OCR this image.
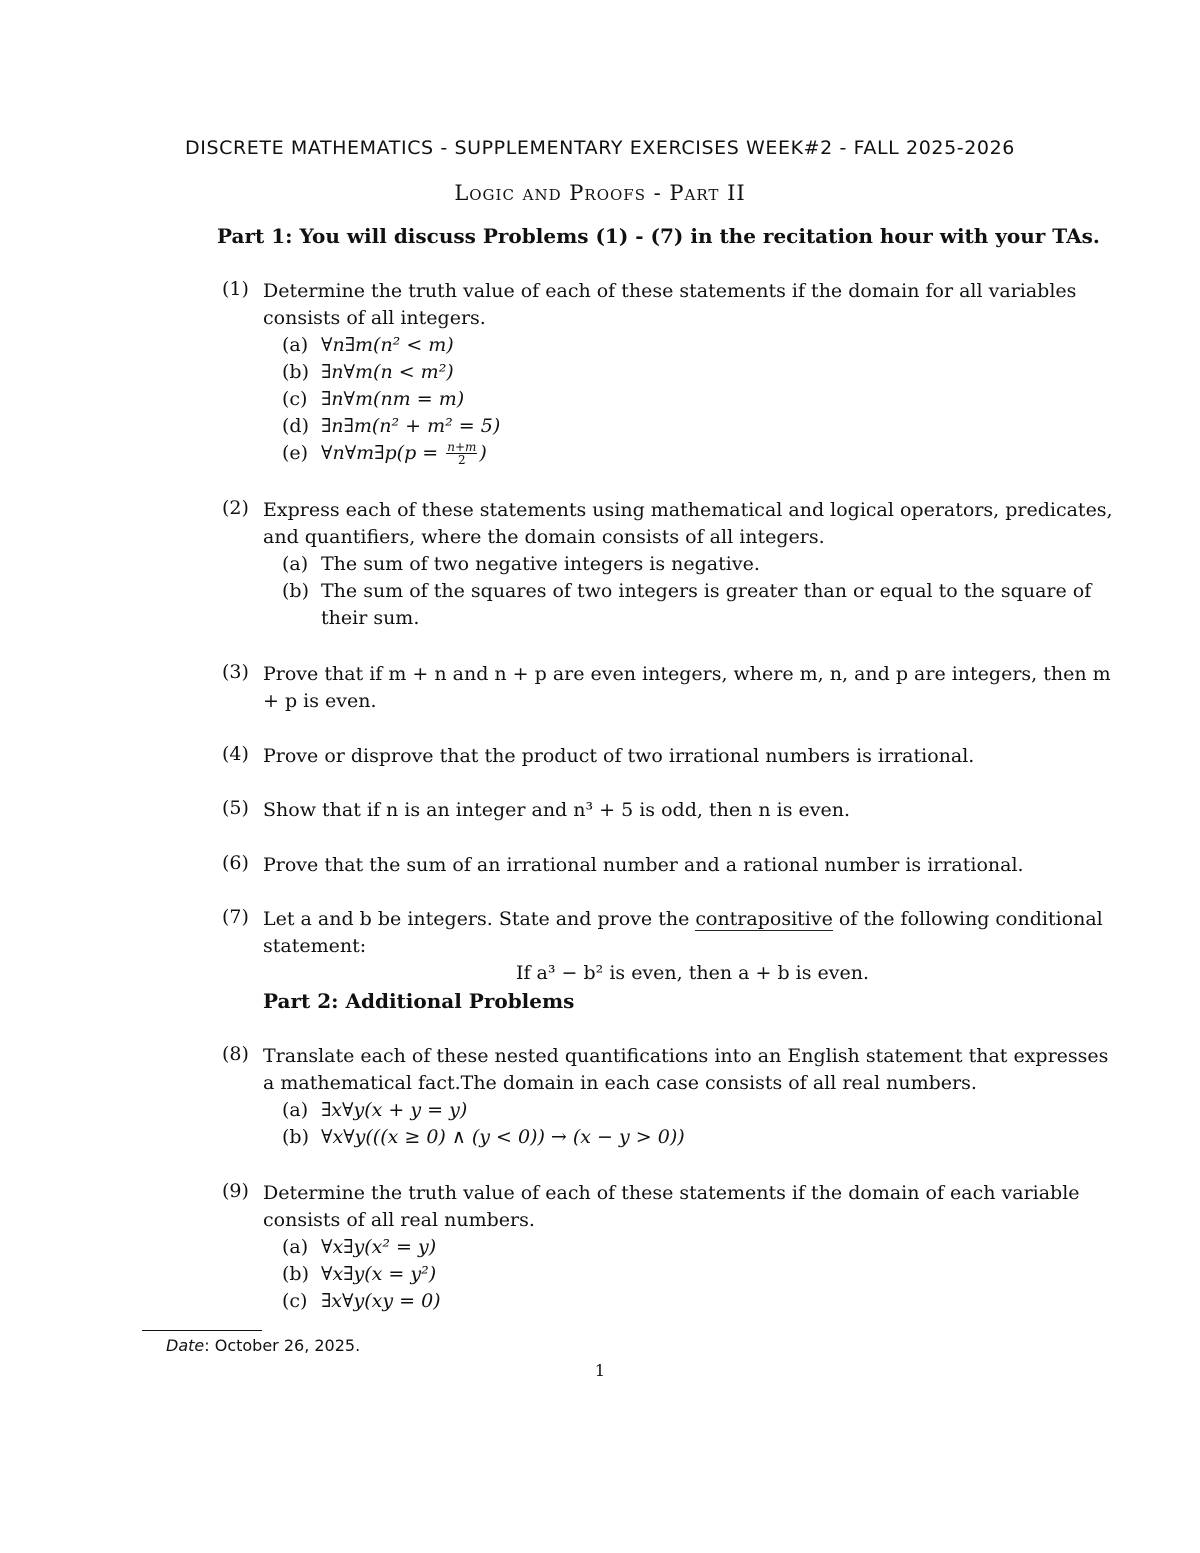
DISCRETE MATHEMATICS - SUPPLEMENTARY EXERCISES WEEK#2 - FALL 2025-2026
Logic and Proofs - Part II
Part 1: You will discuss Problems (1) - (7) in the recitation hour with your TAs.
(1) Determine the truth value of each of these statements if the domain for all variables consists of all integers.
(a) ∀n∃m(n² < m)
(b) ∃n∀m(n < m²)
(c) ∃n∀m(nm = m)
(d) ∃n∃m(n² + m² = 5)
(e) ∀n∀m∃p(p = $\frac{n+m}{2}$ )
(2) Express each of these statements using mathematical and logical operators, predicates, and quantifiers, where the domain consists of all integers.
(a) The sum of two negative integers is negative.
(b) The sum of the squares of two integers is greater than or equal to the square of their sum.
(3) Prove that if m + n and n + p are even integers, where m, n, and p are integers, then m + p is even.
(4) Prove or disprove that the product of two irrational numbers is irrational.
(5) Show that if n is an integer and n³ + 5 is odd, then n is even.
(6) Prove that the sum of an irrational number and a rational number is irrational.
(7) Let a and b be integers. State and prove the contrapositive of the following conditional statement:
If a³ − b² is even, then a + b is even.
Part 2: Additional Problems
(8) Translate each of these nested quantifications into an English statement that expresses a mathematical fact.The domain in each case consists of all real numbers.
(a) ∃x∀y(x + y = y)
(b) ∀x∀y(((x ≥ 0) ∧ (y < 0)) → (x − y > 0))
(9) Determine the truth value of each of these statements if the domain of each variable consists of all real numbers.
(a) ∀x∃y(x² = y)
(b) ∀x∃y(x = y²)
(c) ∃x∀y(xy = 0)
Date: October 26, 2025.
1
